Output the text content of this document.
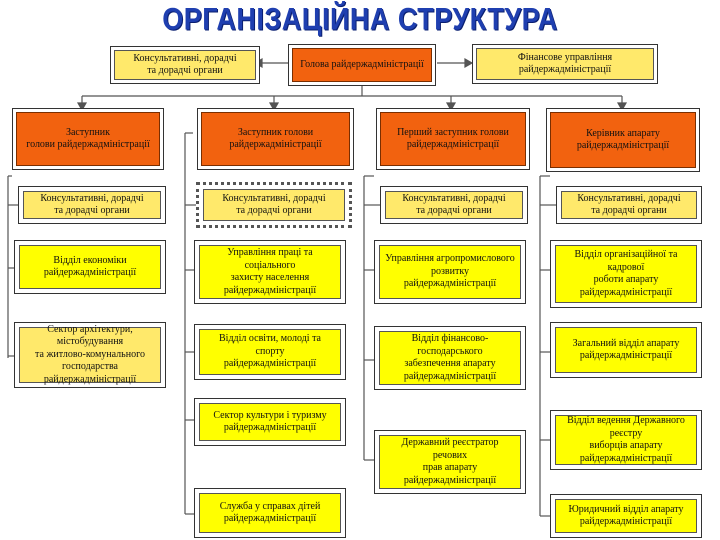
ОРГАНІЗАЦІЙНА СТРУКТУРА
Консультативні, дорадчі
та дорадчі органи
Голова райдержадміністрації
Фінансове управління райдержадміністрації
Заступник
голови райдержадміністрації
Заступник голови
райдержадміністрації
Перший заступник голови
райдержадміністрації
Керівник апарату
райдержадміністрації
Консультативні, дорадчі
та дорадчі органи
Консультативні, дорадчі
та дорадчі органи
Консультативні, дорадчі
та дорадчі органи
Консультативні, дорадчі
та дорадчі органи
Відділ економіки
райдержадміністрації
Сектор архітектури, містобудування
та житлово-комунального
господарства райдержадміністрації
Управління праці та соціального
захисту населення
райдержадміністрації
Відділ освіти, молоді та спорту
райдержадміністрації
Сектор культури і туризму
райдержадміністрації
Служба у справах дітей
райдержадміністрації
Управління агропромислового
розвитку райдержадміністрації
Відділ фінансово-господарського
забезпечення апарату
райдержадміністрації
Державний реєстратор речових
прав апарату
райдержадміністрації
Відділ організаційної та кадрової
роботи апарату
райдержадміністрації
Загальний відділ апарату
райдержадміністрації
Відділ ведення Державного реєстру
виборців апарату
райдержадміністрації
Юридичний відділ апарату
райдержадміністрації
